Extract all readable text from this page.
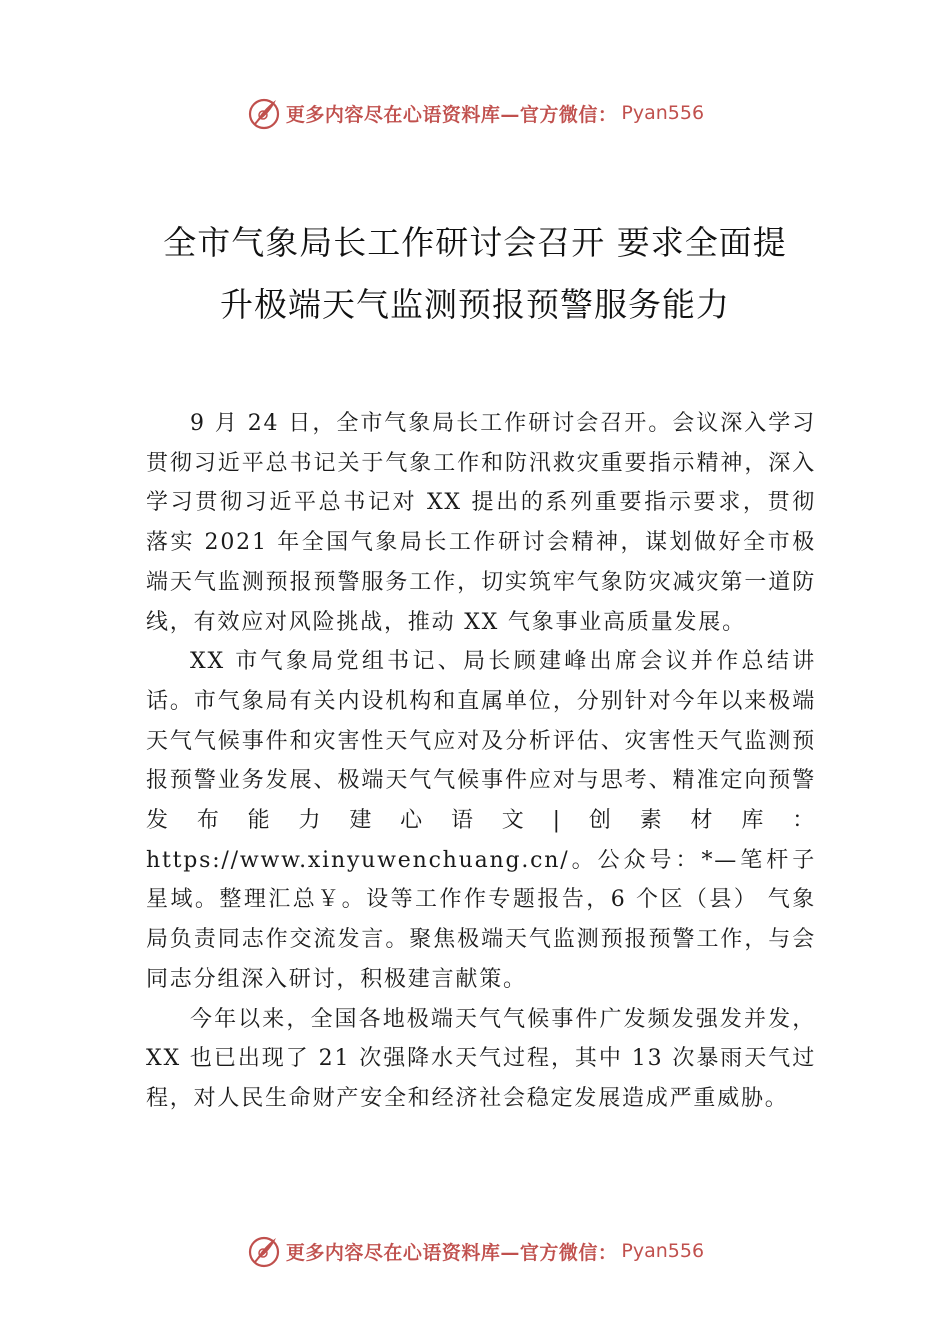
更多内容尽在心语资料库—官方微信： Pyan556
全市气象局长工作研讨会召开 要求全面提
升极端天气监测预报预警服务能力

9 月 24 日，全市气象局长工作研讨会召开。会议深入学习贯彻习近平总书记关于气象工作和防汛救灾重要指示精神，深入学习贯彻习近平总书记对 XX 提出的系列重要指示要求，贯彻落实 2021 年全国气象局长工作研讨会精神，谋划做好全市极端天气监测预报预警服务工作，切实筑牢气象防灾减灾第一道防线，有效应对风险挑战，推动 XX 气象事业高质量发展。

XX 市气象局党组书记、局长顾建峰出席会议并作总结讲话。市气象局有关内设机构和直属单位，分别针对今年以来极端天气气候事件和灾害性天气应对及分析评估、灾害性天气监测预报预警业务发展、极端天气气候事件应对与思考、精准定向预警发布能力建心语文|创素材库：https://www.xinyuwenchuang.cn/。公众号：*—笔杆子星域。整理汇总￥。设等工作作专题报告，6 个区（县） 气象局负责同志作交流发言。聚焦极端天气监测预报预警工作，与会同志分组深入研讨，积极建言献策。

今年以来，全国各地极端天气气候事件广发频发强发并发，XX 也已出现了 21 次强降水天气过程，其中 13 次暴雨天气过程，对人民生命财产安全和经济社会稳定发展造成严重威胁。

更多内容尽在心语资料库—官方微信： Pyan556
